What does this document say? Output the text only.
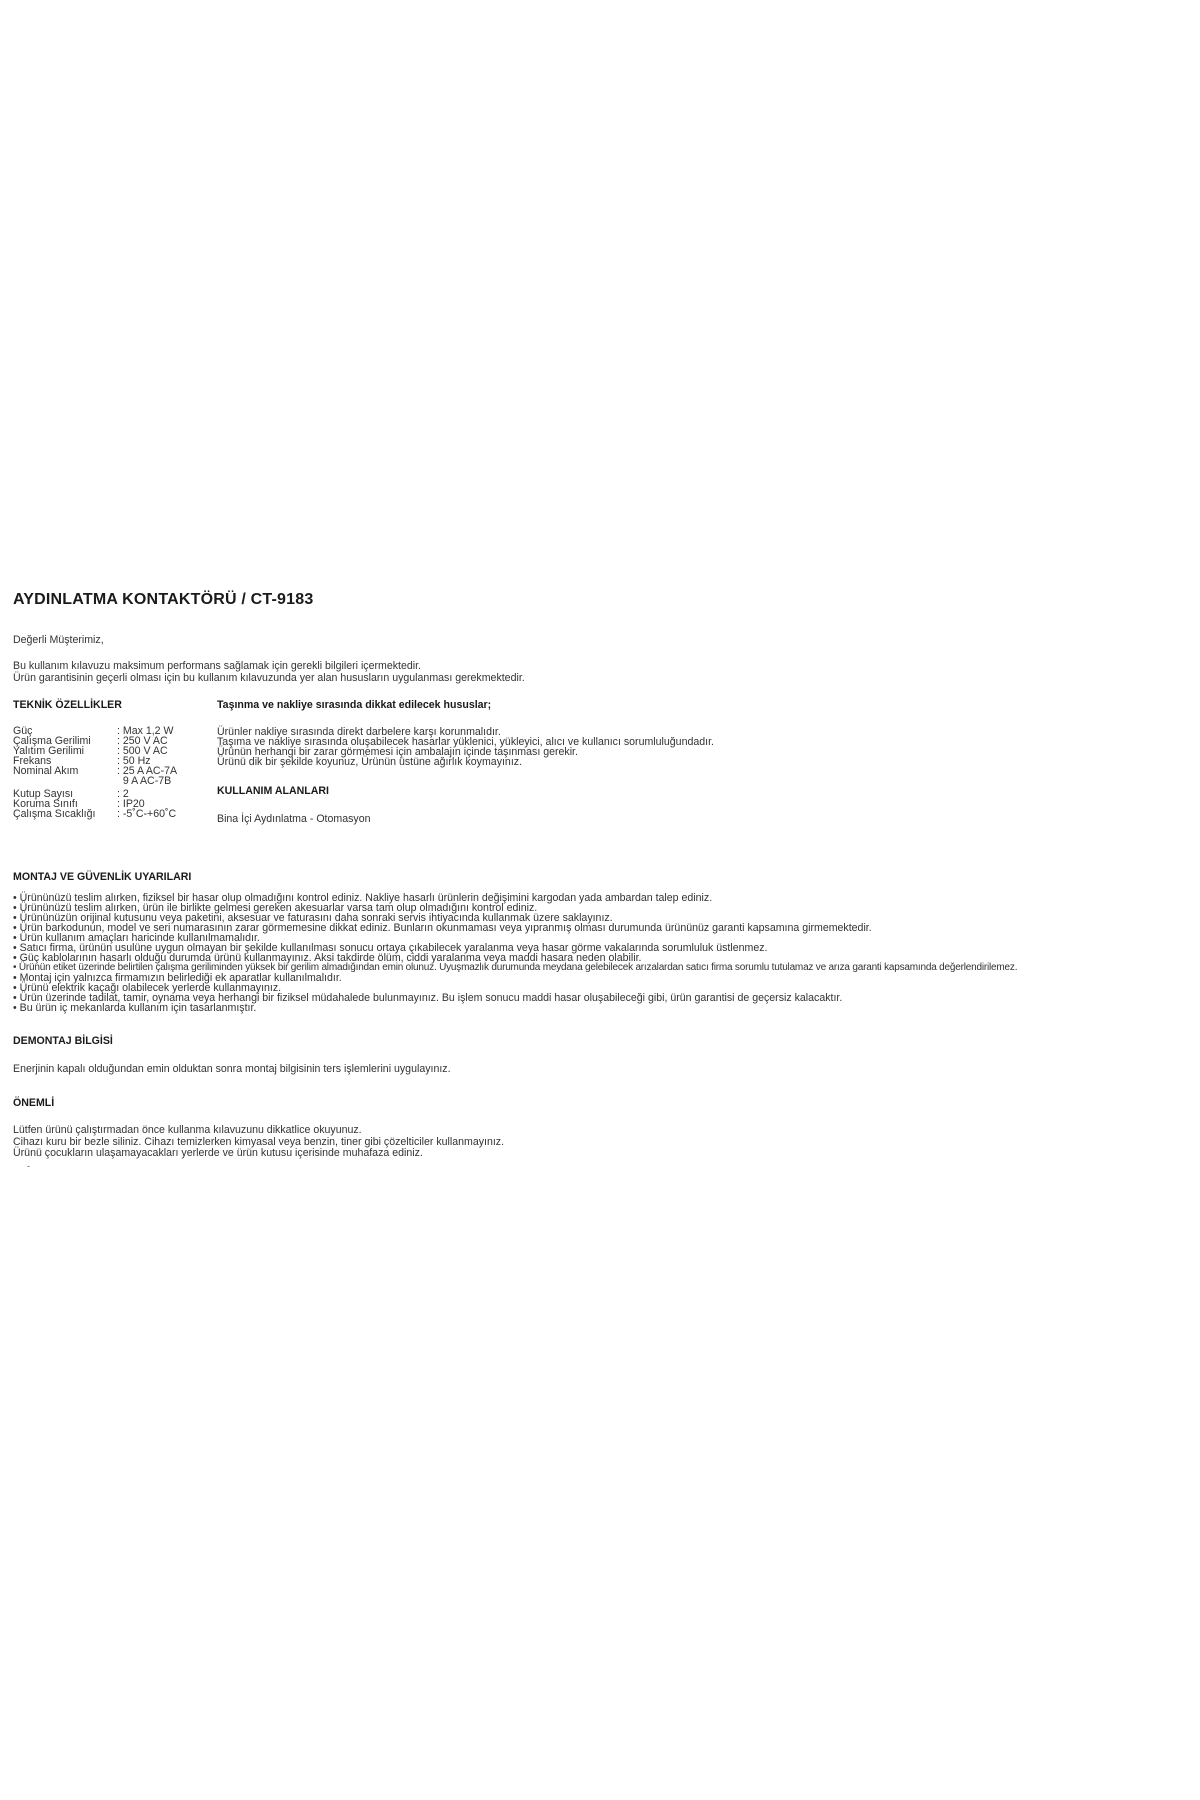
AYDINLATMA KONTAKTÖRÜ / CT-9183
Değerli Müşterimiz,
Bu kullanım kılavuzu maksimum performans sağlamak için gerekli bilgileri içermektedir.
Ürün garantisinin geçerli olması için bu kullanım kılavuzunda yer alan hususların uygulanması gerekmektedir.
TEKNİK ÖZELLİKLER
Güç	: Max 1,2 W
Çalışma Gerilimi	: 250 V AC
Yalıtım Gerilimi	: 500 V AC
Frekans	: 50 Hz
Nominal Akım	: 25 A AC-7A
	9 A AC-7B
Kutup Sayısı	: 2
Koruma Sınıfı	: IP20
Çalışma Sıcaklığı	: -5˚C-+60˚C
Taşınma ve nakliye sırasında dikkat edilecek hususlar;
Ürünler nakliye sırasında direkt darbelere karşı korunmalıdır.
Taşıma ve nakliye sırasında oluşabilecek hasarlar yüklenici, yükleyici, alıcı ve kullanıcı sorumluluğundadır.
Ürünün herhangi bir zarar görmemesi için ambalajın içinde taşınması gerekir.
Ürünü dik bir şekilde koyunuz, Ürünün üstüne ağırlık koymayınız.
KULLANIM ALANLARI
Bina İçi Aydınlatma - Otomasyon
MONTAJ VE GÜVENLİK UYARILARI
• Ürününüzü teslim alırken, fiziksel bir hasar olup olmadığını kontrol ediniz. Nakliye hasarlı ürünlerin değişimini kargodan yada ambardan talep ediniz.
• Ürününüzü teslim alırken, ürün ile birlikte gelmesi gereken akesuarlar varsa tam olup olmadığını kontrol ediniz.
• Ürününüzün orijinal kutusunu veya paketini, aksesuar ve faturasını daha sonraki servis ihtiyacında kullanmak üzere saklayınız.
• Ürün barkodunun, model ve seri numarasının zarar görmemesine dikkat ediniz. Bunların okunmaması veya yıpranmış olması durumunda ürününüz garanti kapsamına girmemektedir.
• Ürün kullanım amaçları haricinde kullanılmamalıdır.
• Satıcı firma, ürünün usulüne uygun olmayan bir şekilde kullanılması sonucu ortaya çıkabilecek yaralanma veya hasar görme vakalarında sorumluluk üstlenmez.
• Güç kablolarının hasarlı olduğu durumda ürünü kullanmayınız. Aksi takdirde ölüm, ciddi yaralanma veya maddi hasara neden olabilir.
• Ürünün etiket üzerinde belirtilen çalışma geriliminden yüksek bir gerilim almadığından emin olunuz. Uyuşmazlık durumunda meydana gelebilecek arızalardan satıcı firma sorumlu tutulamaz ve arıza garanti kapsamında değerlendirilemez.
• Montaj için yalnızca firmamızın belirlediği ek aparatlar kullanılmalıdır.
• Ürünü elektrik kaçağı olabilecek yerlerde kullanmayınız.
• Ürün üzerinde tadilat, tamir, oynama veya herhangi bir fiziksel müdahalede bulunmayınız. Bu işlem sonucu maddi hasar oluşabileceği gibi, ürün garantisi de geçersiz kalacaktır.
• Bu ürün iç mekanlarda kullanım için tasarlanmıştır.
DEMONTAJ BİLGİSİ
Enerjinin kapalı olduğundan emin olduktan sonra montaj bilgisinin ters işlemlerini uygulayınız.
ÖNEMLİ
Lütfen ürünü çalıştırmadan önce kullanma kılavuzunu dikkatlice okuyunuz.
Cihazı kuru bir bezle siliniz. Cihazı temizlerken kimyasal veya benzin, tiner gibi çözelticiler kullanmayınız.
Ürünü çocukların ulaşamayacakları yerlerde ve ürün kutusu içerisinde muhafaza ediniz.
-
